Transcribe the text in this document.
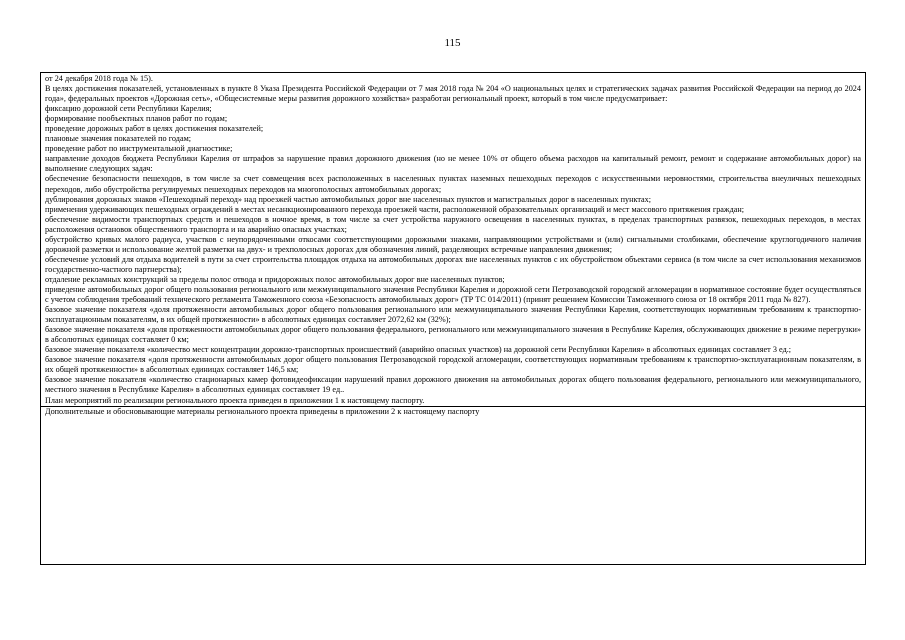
115
от 24 декабря 2018 года № 15).
В целях достижения показателей, установленных в пункте 8 Указа Президента Российской Федерации от 7 мая 2018 года № 204 «О национальных целях и стратегических задачах развития Российской Федерации на период до 2024 года», федеральных проектов «Дорожная сеть», «Общесистемные меры развития дорожного хозяйства» разработан региональный проект, который в том числе предусматривает:
фиксацию дорожной сети Республики Карелия;
формирование пообъектных планов работ по годам;
проведение дорожных работ в целях достижения показателей;
плановые значения показателей по годам;
проведение работ по инструментальной диагностике;
направление доходов бюджета Республики Карелия от штрафов за нарушение правил дорожного движения (но не менее 10% от общего объема расходов на капитальный ремонт, ремонт и содержание автомобильных дорог) на выполнение следующих задач:
обеспечение безопасности пешеходов, в том числе за счет совмещения всех расположенных в населенных пунктах наземных пешеходных переходов с искусственными неровностями, строительства внеуличных пешеходных переходов, либо обустройства регулируемых пешеходных переходов на многополосных автомобильных дорогах;
дублирования дорожных знаков «Пешеходный переход» над проезжей частью автомобильных дорог вне населенных пунктов и магистральных дорог в населенных пунктах;
применения удерживающих пешеходных ограждений в местах несанкционированного перехода проезжей части, расположенной образовательных организаций и мест массового притяжения граждан;
обеспечение видимости транспортных средств и пешеходов в ночное время, в том числе за счет устройства наружного освещения в населенных пунктах, в пределах транспортных развязок, пешеходных переходов, в местах расположения остановок общественного транспорта и на аварийно опасных участках;
обустройство кривых малого радиуса, участков с неупорядоченными откосами соответствующими дорожными знаками, направляющими устройствами и (или) сигнальными столбиками, обеспечение круглогодичного наличия дорожной разметки и использование желтой разметки на двух- и трехполосных дорогах для обозначения линий, разделяющих встречные направления движения;
обеспечение условий для отдыха водителей в пути за счет строительства площадок отдыха на автомобильных дорогах вне населенных пунктов с их обустройством объектами сервиса (в том числе за счет использования механизмов государственно-частного партнерства);
отдаление рекламных конструкций за пределы полос отвода и придорожных полос автомобильных дорог вне населенных пунктов;
приведение автомобильных дорог общего пользования регионального или межмуниципального значения Республики Карелия и дорожной сети Петрозаводской городской агломерации в нормативное состояние будет осуществляться с учетом соблюдения требований технического регламента Таможенного союза «Безопасность автомобильных дорог» (ТР ТС 014/2011) (принят решением Комиссии Таможенного союза от 18 октября 2011 года № 827).
базовое значение показателя «доля протяженности автомобильных дорог общего пользования регионального или межмуниципального значения Республики Карелия, соответствующих нормативным требованиям к транспортно-эксплуатационным показателям, в их общей протяженности» в абсолютных единицах составляет 2072,62 км (32%);
базовое значение показателя «доля протяженности автомобильных дорог общего пользования федерального, регионального или межмуниципального значения в Республике Карелия, обслуживающих движение в режиме перегрузки» в абсолютных единицах составляет 0 км;
базовое значение показателя «количество мест концентрации дорожно-транспортных происшествий (аварийно опасных участков) на дорожной сети Республики Карелия» в абсолютных единицах составляет 3 ед.;
базовое значение показателя «доля протяженности автомобильных дорог общего пользования Петрозаводской городской агломерации, соответствующих нормативным требованиям к транспортно-эксплуатационным показателям, в их общей протяженности» в абсолютных единицах составляет 146,5 км;
базовое значение показателя «количество стационарных камер фотовидеофиксации нарушений правил дорожного движения на автомобильных дорогах общего пользования федерального, регионального или межмуниципального, местного значения в Республике Карелия» в абсолютных единицах составляет 19 ед..
План мероприятий по реализации регионального проекта приведен в приложении 1 к настоящему паспорту.
Дополнительные и обосновывающие материалы регионального проекта приведены в приложении 2 к настоящему паспорту
